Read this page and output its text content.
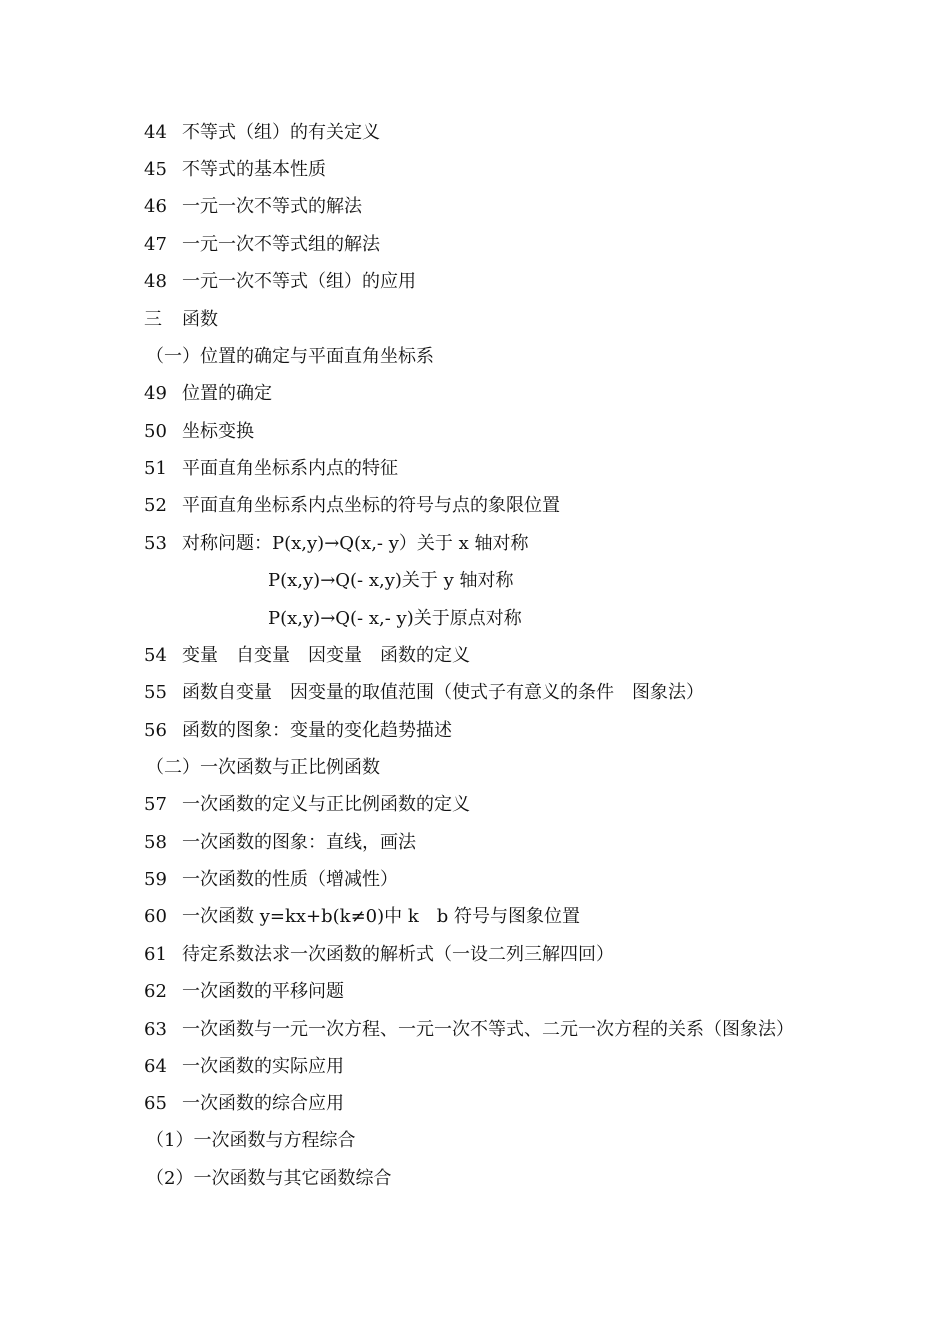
44 不等式（组）的有关定义
45 不等式的基本性质
46 一元一次不等式的解法
47 一元一次不等式组的解法
48 一元一次不等式（组）的应用
三 函数
（一）位置的确定与平面直角坐标系
49 位置的确定
50 坐标变换
51 平面直角坐标系内点的特征
52 平面直角坐标系内点坐标的符号与点的象限位置
53 对称问题：P(x,y)→Q(x,- y）关于 x 轴对称
P(x,y)→Q(- x,y)关于 y 轴对称
P(x,y)→Q(- x,- y)关于原点对称
54 变量　自变量　因变量　函数的定义
55 函数自变量　因变量的取值范围（使式子有意义的条件　图象法）
56 函数的图象：变量的变化趋势描述
（二）一次函数与正比例函数
57 一次函数的定义与正比例函数的定义
58 一次函数的图象：直线，画法
59 一次函数的性质（增减性）
60 一次函数 y=kx+b(k≠0)中 k　b 符号与图象位置
61 待定系数法求一次函数的解析式（一设二列三解四回）
62 一次函数的平移问题
63 一次函数与一元一次方程、一元一次不等式、二元一次方程的关系（图象法）
64 一次函数的实际应用
65 一次函数的综合应用
（1）一次函数与方程综合
（2）一次函数与其它函数综合
